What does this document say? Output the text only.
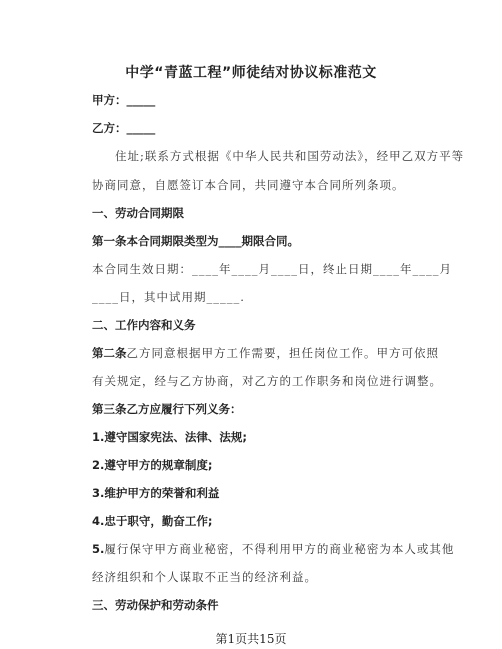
中学“青蓝工程”师徒结对协议标准范文
甲方：_____
乙方：_____
住址;联系方式根据《中华人民共和国劳动法》，经甲乙双方平等
协商同意，自愿签订本合同，共同遵守本合同所列条项。
一、劳动合同期限
第一条本合同期限类型为____期限合同。
本合同生效日期：____年____月____日，终止日期____年____月
____日，其中试用期_____.
二、工作内容和义务
第二条乙方同意根据甲方工作需要，担任岗位工作。甲方可依照
有关规定，经与乙方协商，对乙方的工作职务和岗位进行调整。
第三条乙方应履行下列义务：
1.遵守国家宪法、法律、法规;
2.遵守甲方的规章制度;
3.维护甲方的荣誉和利益
4.忠于职守，勤奋工作;
5.履行保守甲方商业秘密，不得利用甲方的商业秘密为本人或其他
经济组织和个人谋取不正当的经济利益。
三、劳动保护和劳动条件
第1页共15页
